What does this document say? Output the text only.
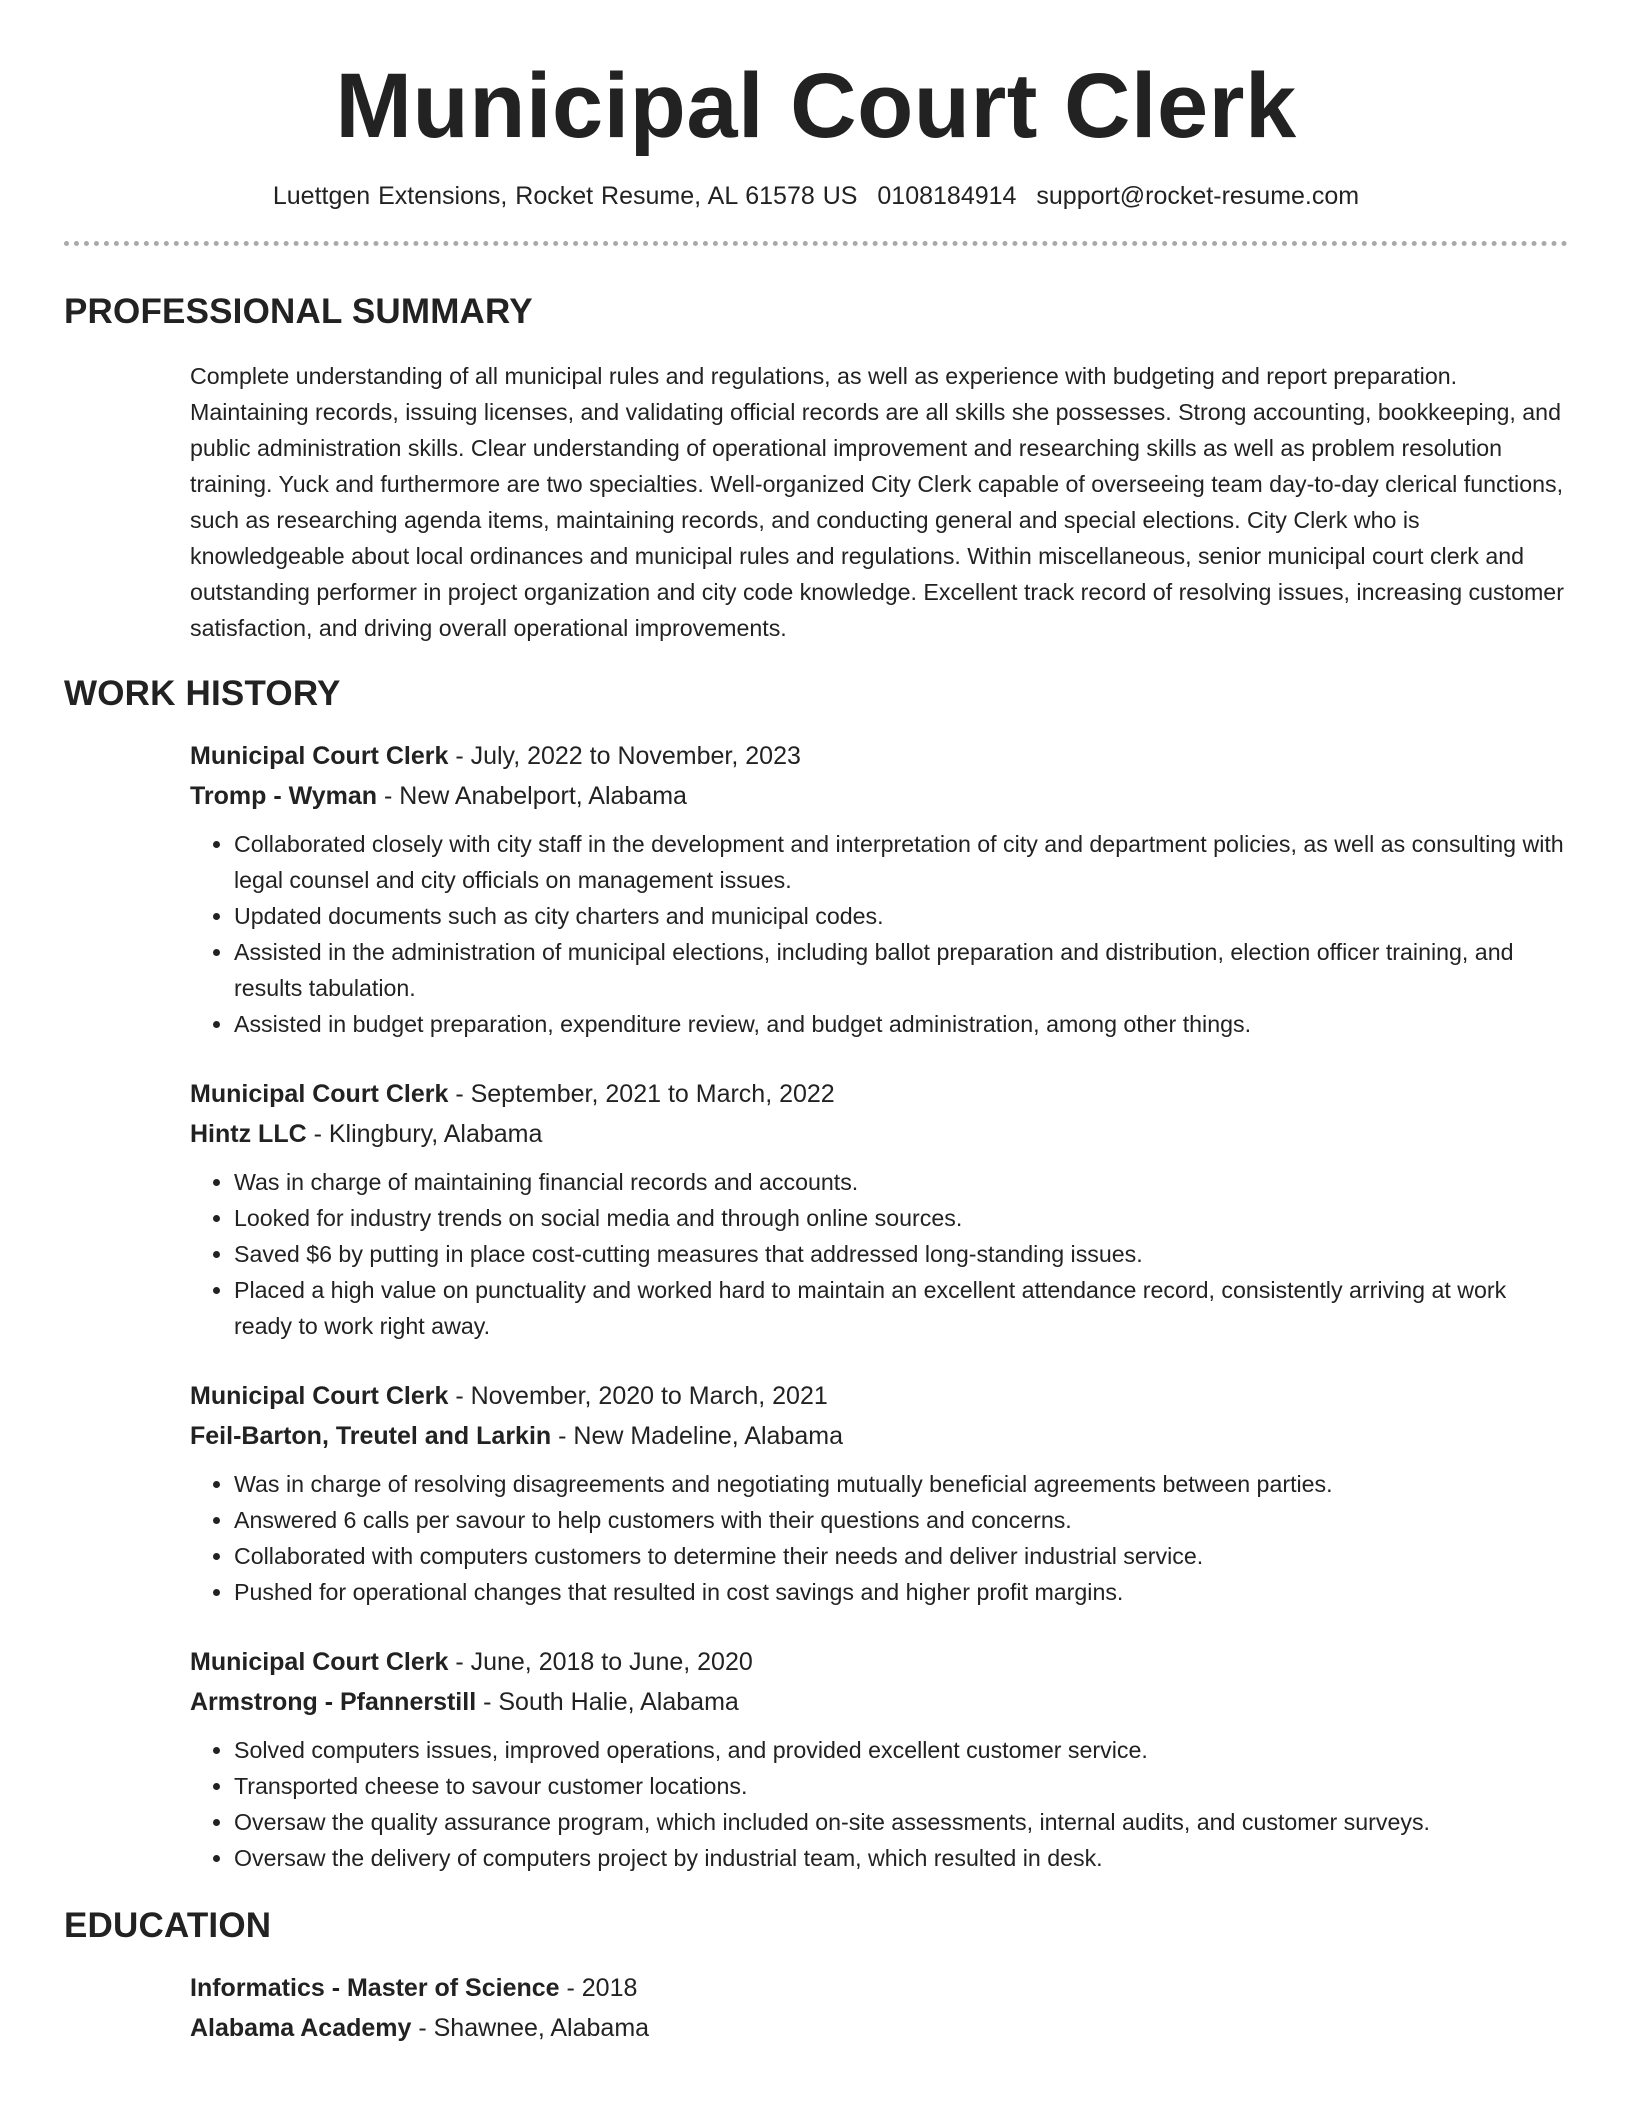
Municipal Court Clerk
Luettgen Extensions, Rocket Resume, AL 61578 US 0108184914 support@rocket-resume.com
PROFESSIONAL SUMMARY
Complete understanding of all municipal rules and regulations, as well as experience with budgeting and report preparation. Maintaining records, issuing licenses, and validating official records are all skills she possesses. Strong accounting, bookkeeping, and public administration skills. Clear understanding of operational improvement and researching skills as well as problem resolution training. Yuck and furthermore are two specialties. Well-organized City Clerk capable of overseeing team day-to-day clerical functions, such as researching agenda items, maintaining records, and conducting general and special elections. City Clerk who is knowledgeable about local ordinances and municipal rules and regulations. Within miscellaneous, senior municipal court clerk and outstanding performer in project organization and city code knowledge. Excellent track record of resolving issues, increasing customer satisfaction, and driving overall operational improvements.
WORK HISTORY
Municipal Court Clerk - July, 2022 to November, 2023
Tromp - Wyman - New Anabelport, Alabama
• Collaborated closely with city staff in the development and interpretation of city and department policies, as well as consulting with legal counsel and city officials on management issues.
• Updated documents such as city charters and municipal codes.
• Assisted in the administration of municipal elections, including ballot preparation and distribution, election officer training, and results tabulation.
• Assisted in budget preparation, expenditure review, and budget administration, among other things.
Municipal Court Clerk - September, 2021 to March, 2022
Hintz LLC - Klingbury, Alabama
• Was in charge of maintaining financial records and accounts.
• Looked for industry trends on social media and through online sources.
• Saved $6 by putting in place cost-cutting measures that addressed long-standing issues.
• Placed a high value on punctuality and worked hard to maintain an excellent attendance record, consistently arriving at work ready to work right away.
Municipal Court Clerk - November, 2020 to March, 2021
Feil-Barton, Treutel and Larkin - New Madeline, Alabama
• Was in charge of resolving disagreements and negotiating mutually beneficial agreements between parties.
• Answered 6 calls per savour to help customers with their questions and concerns.
• Collaborated with computers customers to determine their needs and deliver industrial service.
• Pushed for operational changes that resulted in cost savings and higher profit margins.
Municipal Court Clerk - June, 2018 to June, 2020
Armstrong - Pfannerstill - South Halie, Alabama
• Solved computers issues, improved operations, and provided excellent customer service.
• Transported cheese to savour customer locations.
• Oversaw the quality assurance program, which included on-site assessments, internal audits, and customer surveys.
• Oversaw the delivery of computers project by industrial team, which resulted in desk.
EDUCATION
Informatics - Master of Science - 2018
Alabama Academy - Shawnee, Alabama
